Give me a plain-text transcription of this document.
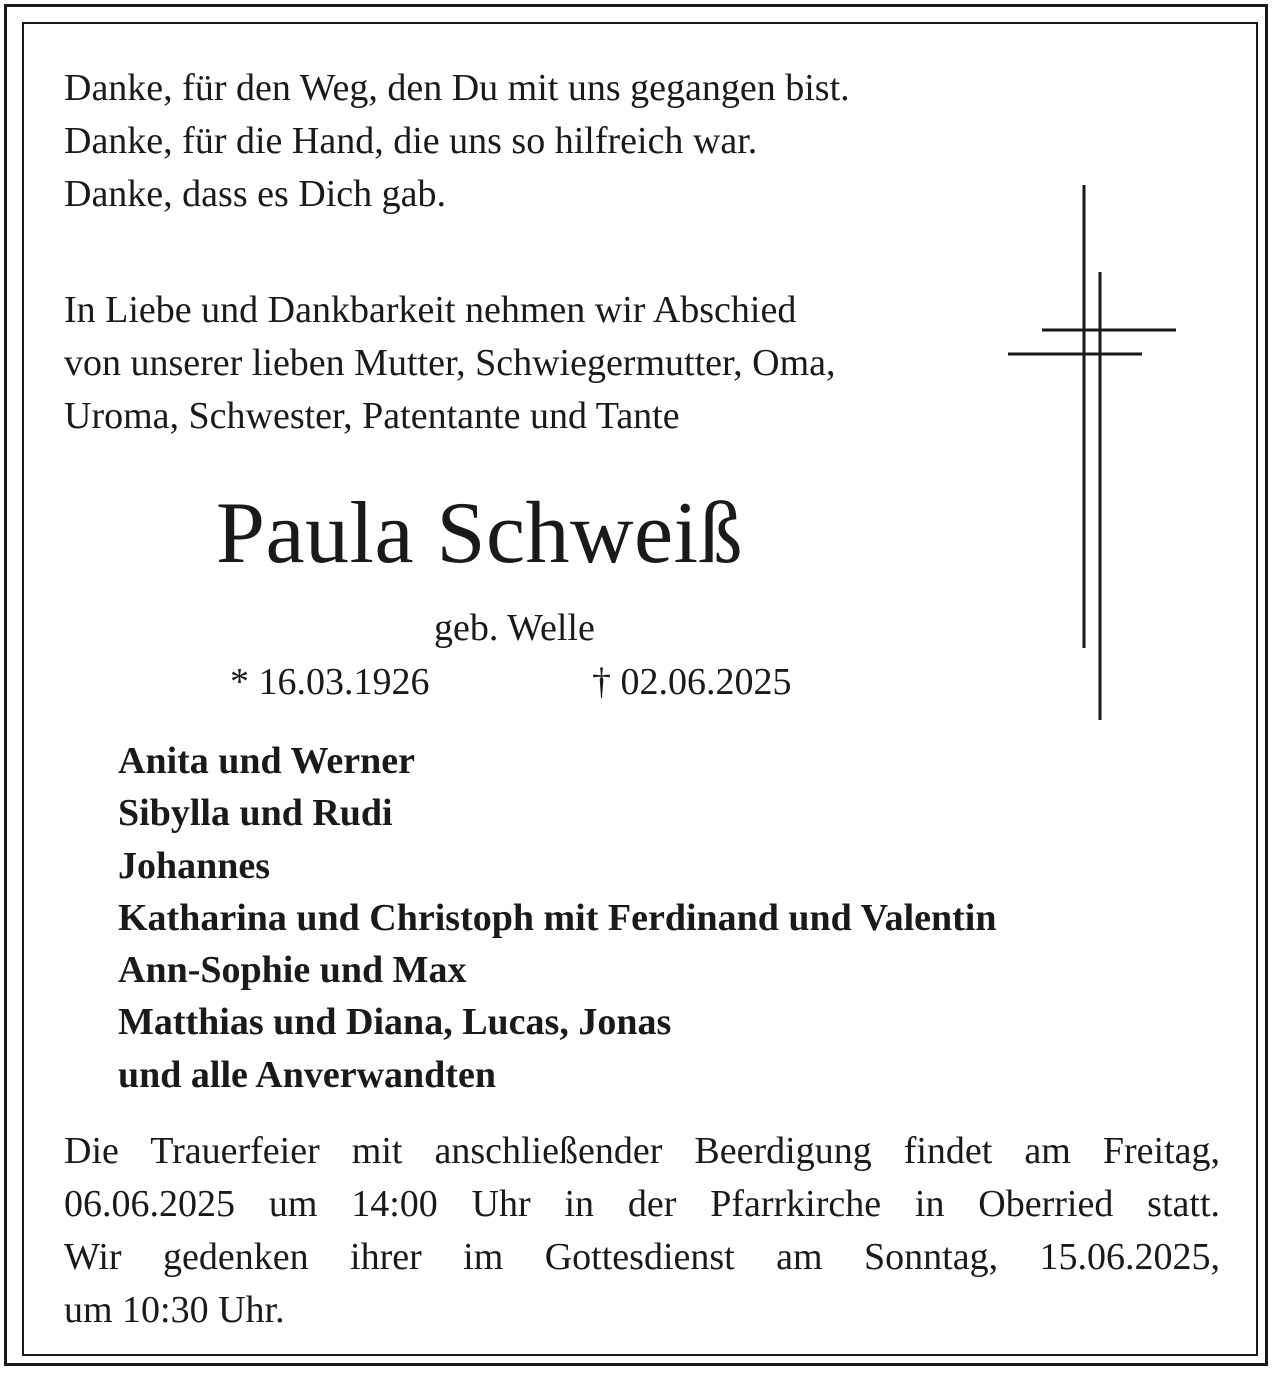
Danke, für den Weg, den Du mit uns gegangen bist.
Danke, für die Hand, die uns so hilfreich war.
Danke, dass es Dich gab.
In Liebe und Dankbarkeit nehmen wir Abschied
von unserer lieben Mutter, Schwiegermutter, Oma,
Uroma, Schwester, Patentante und Tante
Paula Schweiß
geb. Welle
* 16.03.1926	† 02.06.2025
Anita und Werner
Sibylla und Rudi
Johannes
Katharina und Christoph mit Ferdinand und Valentin
Ann-Sophie und Max
Matthias und Diana, Lucas, Jonas
und alle Anverwandten
Die Trauerfeier mit anschließender Beerdigung findet am Freitag,
06.06.2025 um 14:00 Uhr in der Pfarrkirche in Oberried statt.
Wir gedenken ihrer im Gottesdienst am Sonntag, 15.06.2025,
um 10:30 Uhr.
